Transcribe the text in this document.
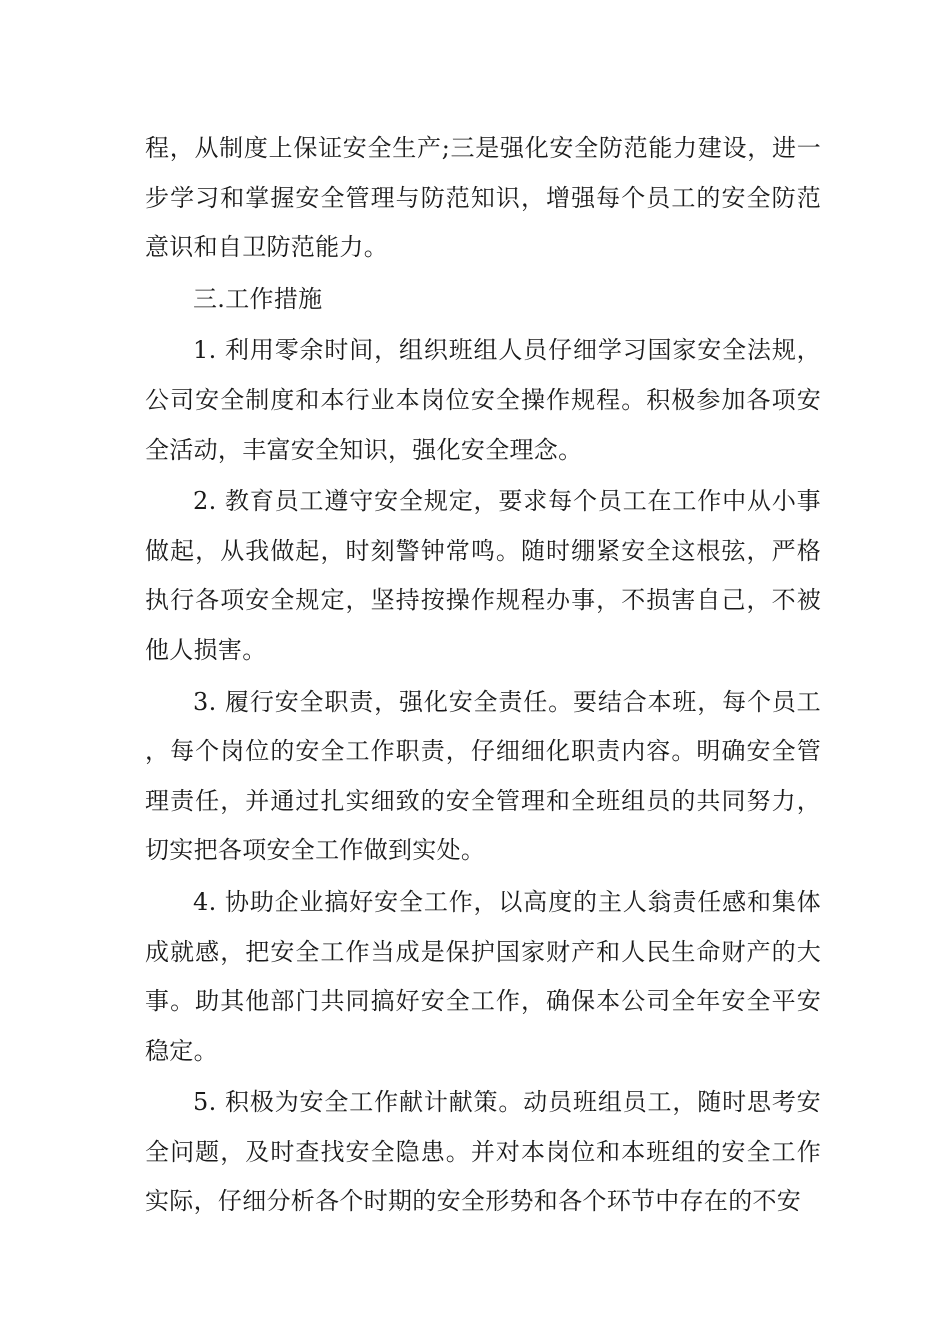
程，从制度上保证安全生产;三是强化安全防范能力建设，进一步学习和掌握安全管理与防范知识，增强每个员工的安全防范意识和自卫防范能力。

三.工作措施

1. 利用零余时间，组织班组人员仔细学习国家安全法规，公司安全制度和本行业本岗位安全操作规程。积极参加各项安全活动，丰富安全知识，强化安全理念。

2. 教育员工遵守安全规定，要求每个员工在工作中从小事做起，从我做起，时刻警钟常鸣。随时绷紧安全这根弦，严格执行各项安全规定，坚持按操作规程办事，不损害自己，不被他人损害。

3. 履行安全职责，强化安全责任。要结合本班，每个员工，每个岗位的安全工作职责，仔细细化职责内容。明确安全管理责任，并通过扎实细致的安全管理和全班组员的共同努力，切实把各项安全工作做到实处。

4. 协助企业搞好安全工作，以高度的主人翁责任感和集体成就感，把安全工作当成是保护国家财产和人民生命财产的大事。助其他部门共同搞好安全工作，确保本公司全年安全平安稳定。

5. 积极为安全工作献计献策。动员班组员工，随时思考安全问题，及时查找安全隐患。并对本岗位和本班组的安全工作实际，仔细分析各个时期的安全形势和各个环节中存在的不安
